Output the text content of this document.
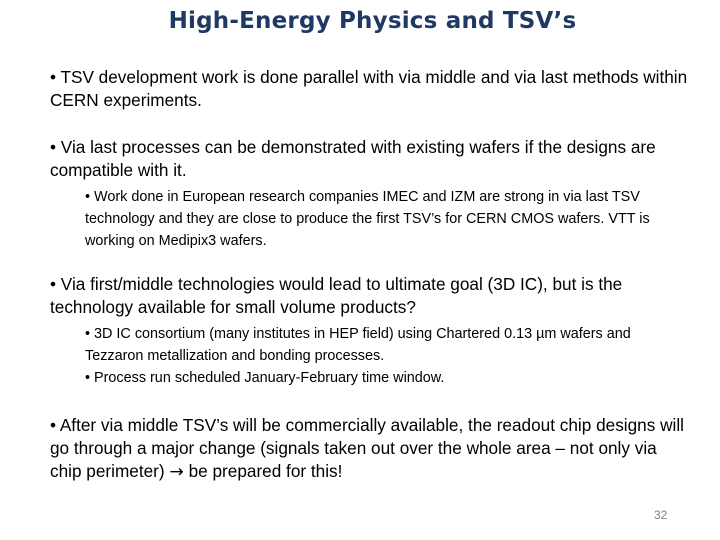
High-Energy Physics and TSV’s

• TSV development work is done parallel with via middle and via last methods within CERN experiments.

• Via last processes can be demonstrated with existing wafers if the designs are compatible with it.

• Work done in European research companies IMEC and IZM are strong in via last TSV technology and they are close to produce the first TSV’s for CERN CMOS wafers. VTT is working on Medipix3 wafers.

• Via first/middle technologies would lead to ultimate goal (3D IC), but is the technology available for small volume products?

• 3D IC consortium (many institutes in HEP field) using Chartered 0.13 µm wafers and Tezzaron metallization and bonding processes.

• Process run scheduled January-February time window.

• After via middle TSV’s will be commercially available, the readout chip designs will go through a major change (signals taken out over the whole area – not only via chip perimeter) → be prepared for this!

32
